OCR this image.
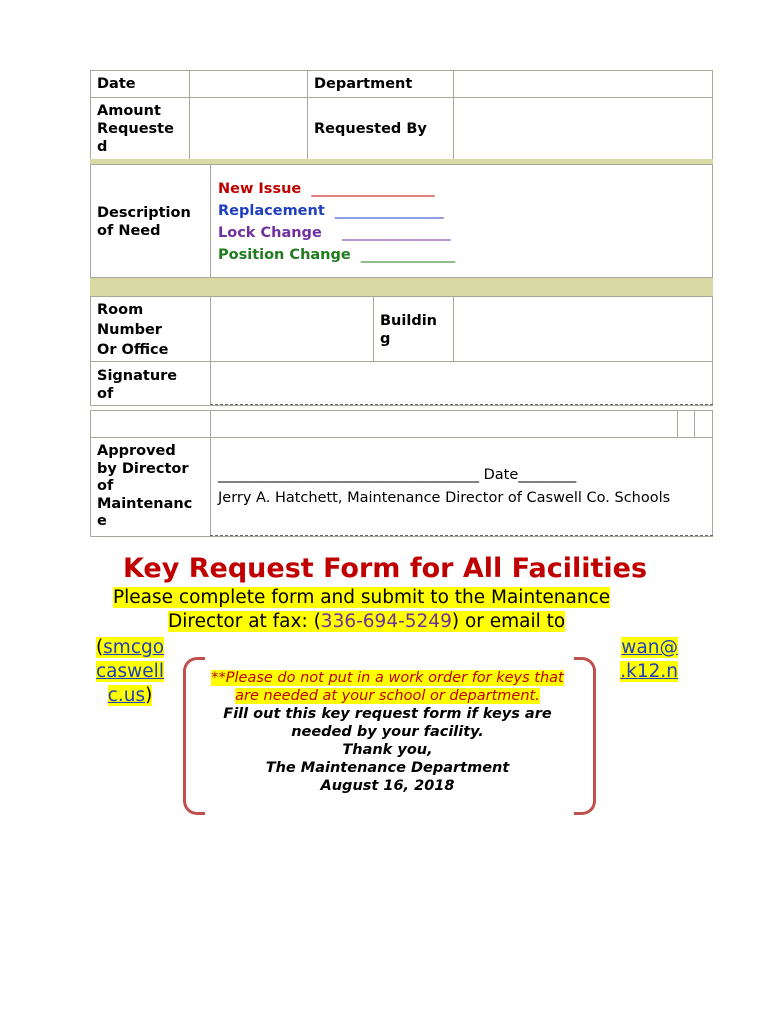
Date	Department
Amount
Requeste
d
Requested By
Description
of Need
New Issue _________________
Replacement _______________
Lock Change _______________
Position Change _____________
Room
Number
Or Office
Buildin
g
Signature
of
Approved
by Director
of
Maintenanc
e
____________________________________ Date________
Jerry A. Hatchett, Maintenance Director of Caswell Co. Schools
Key Request Form for All Facilities
Please complete form and submit to the Maintenance
Director at fax: (336-694-5249) or email to
(smcgo
caswell
c.us)
wan@
.k12.n
**Please do not put in a work order for keys that
are needed at your school or department.
Fill out this key request form if keys are
needed by your facility.
Thank you,
The Maintenance Department
August 16, 2018
